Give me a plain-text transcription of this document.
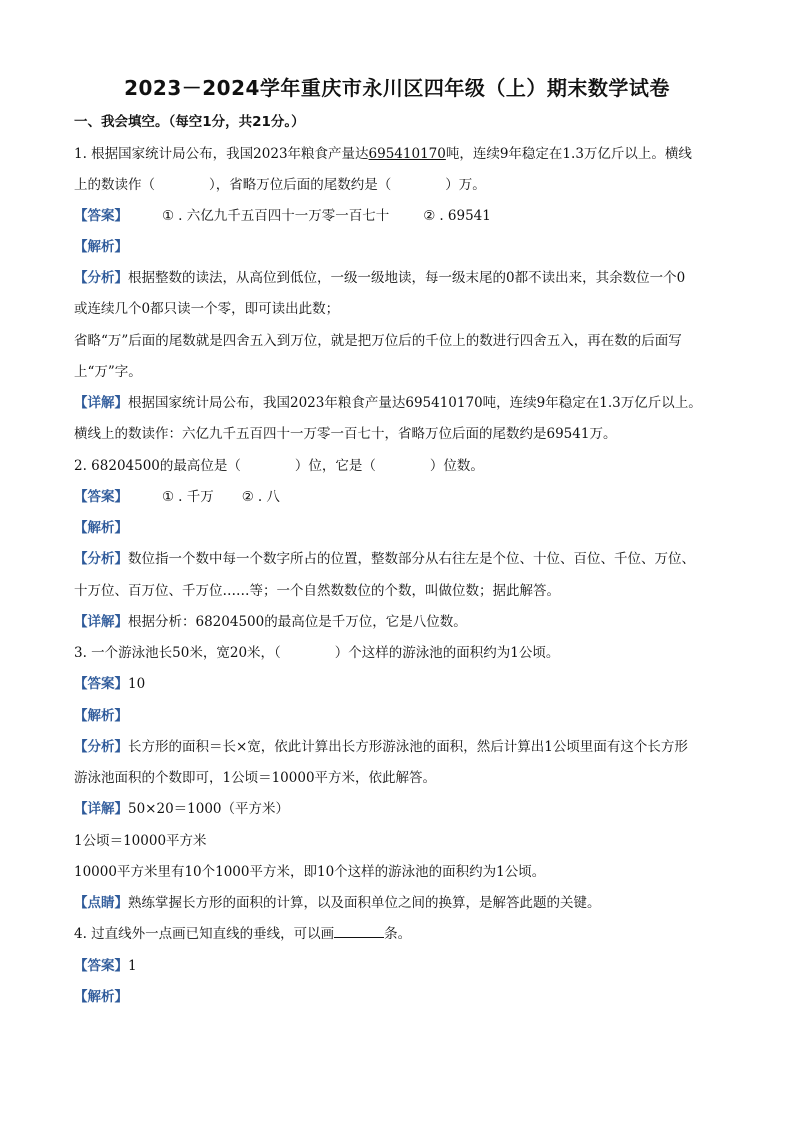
2023－2024学年重庆市永川区四年级（上）期末数学试卷
一、我会填空。（每空1分，共21分。）
1. 根据国家统计局公布，我国2023年粮食产量达695410170吨，连续9年稳定在1.3万亿斤以上。横线
上的数读作（　　　　），省略万位后面的尾数约是（　　　　）万。
【答案】	① . 六亿九千五百四十一万零一百七十	② . 69541
【解析】
【分析】根据整数的读法，从高位到低位，一级一级地读，每一级末尾的0都不读出来，其余数位一个0
或连续几个0都只读一个零，即可读出此数；
省略“万”后面的尾数就是四舍五入到万位，就是把万位后的千位上的数进行四舍五入，再在数的后面写
上“万”字。
【详解】根据国家统计局公布，我国2023年粮食产量达695410170吨，连续9年稳定在1.3万亿斤以上。
横线上的数读作：六亿九千五百四十一万零一百七十，省略万位后面的尾数约是69541万。
2. 68204500的最高位是（　　　　）位，它是（　　　　）位数。
【答案】	① . 千万 ② . 八
【解析】
【分析】数位指一个数中每一个数字所占的位置，整数部分从右往左是个位、十位、百位、千位、万位、
十万位、百万位、千万位……等；一个自然数数位的个数，叫做位数；据此解答。
【详解】根据分析：68204500的最高位是千万位，它是八位数。
3. 一个游泳池长50米，宽20米，（　　　　）个这样的游泳池的面积约为1公顷。
【答案】10
【解析】
【分析】长方形的面积＝长×宽，依此计算出长方形游泳池的面积，然后计算出1公顷里面有这个长方形
游泳池面积的个数即可，1公顷＝10000平方米，依此解答。
【详解】50×20＝1000（平方米）
1公顷＝10000平方米
10000平方米里有10个1000平方米，即10个这样的游泳池的面积约为1公顷。
【点睛】熟练掌握长方形的面积的计算，以及面积单位之间的换算，是解答此题的关键。
4. 过直线外一点画已知直线的垂线，可以画	条。
【答案】1
【解析】
